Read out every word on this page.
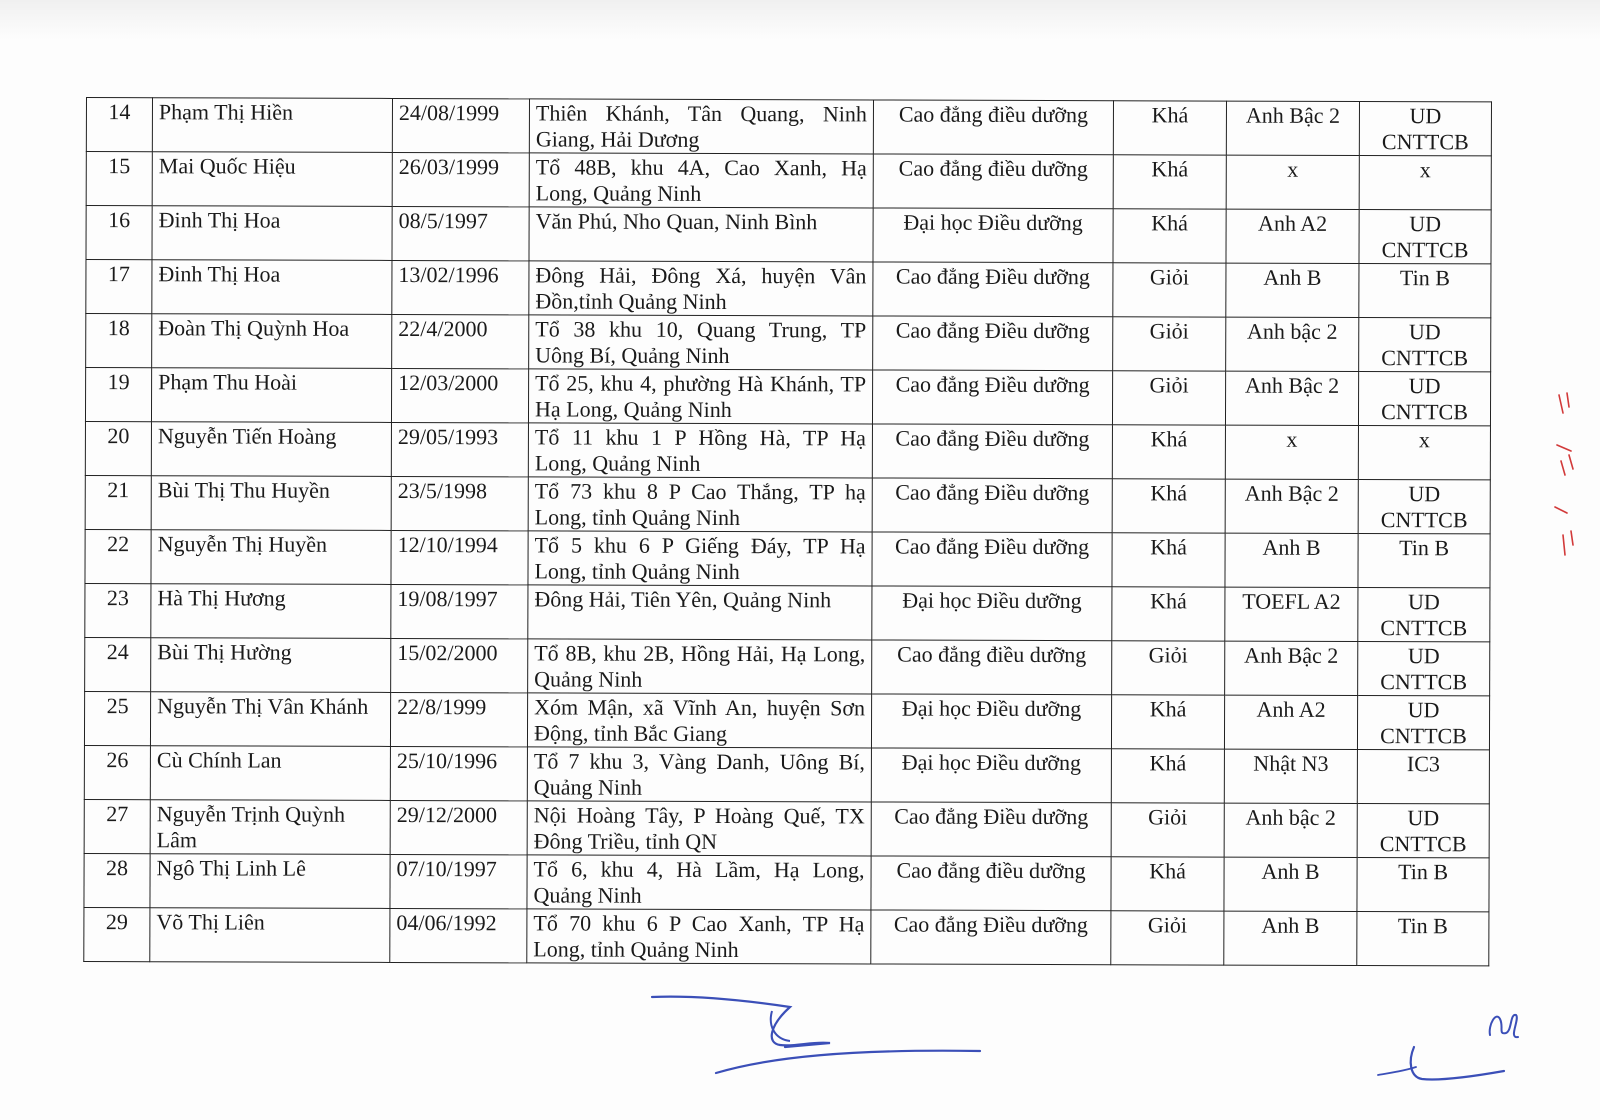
14	Phạm Thị Hiền	24/08/1999	Thiên Khánh, Tân Quang, Ninh Giang, Hải Dương	Cao đẳng điều dưỡng	Khá	Anh Bậc 2	UD CNTTCB
15	Mai Quốc Hiệu	26/03/1999	Tổ 48B, khu 4A, Cao Xanh, Hạ Long, Quảng Ninh	Cao đẳng điều dưỡng	Khá	x	x
16	Đinh Thị Hoa	08/5/1997	Văn Phú, Nho Quan, Ninh Bình	Đại học Điều dưỡng	Khá	Anh A2	UD CNTTCB
17	Đinh Thị Hoa	13/02/1996	Đông Hải, Đông Xá, huyện Vân Đồn,tỉnh Quảng Ninh	Cao đẳng Điều dưỡng	Giỏi	Anh B	Tin B
18	Đoàn Thị Quỳnh Hoa	22/4/2000	Tổ 38 khu 10, Quang Trung, TP Uông Bí, Quảng Ninh	Cao đẳng Điều dưỡng	Giỏi	Anh bậc 2	UD CNTTCB
19	Phạm Thu Hoài	12/03/2000	Tổ 25, khu 4, phường Hà Khánh, TP Hạ Long, Quảng Ninh	Cao đẳng Điều dưỡng	Giỏi	Anh Bậc 2	UD CNTTCB
20	Nguyễn Tiến Hoàng	29/05/1993	Tổ 11 khu 1 P Hồng Hà, TP Hạ Long, Quảng Ninh	Cao đẳng Điều dưỡng	Khá	x	x
21	Bùi Thị Thu Huyền	23/5/1998	Tổ 73 khu 8 P Cao Thắng, TP hạ Long, tỉnh Quảng Ninh	Cao đẳng Điều dưỡng	Khá	Anh Bậc 2	UD CNTTCB
22	Nguyễn Thị Huyền	12/10/1994	Tổ 5 khu 6 P Giếng Đáy, TP Hạ Long, tỉnh Quảng Ninh	Cao đẳng Điều dưỡng	Khá	Anh B	Tin B
23	Hà Thị Hương	19/08/1997	Đông Hải, Tiên Yên, Quảng Ninh	Đại học Điều dưỡng	Khá	TOEFL A2	UD CNTTCB
24	Bùi Thị Hường	15/02/2000	Tổ 8B, khu 2B, Hồng Hải, Hạ Long, Quảng Ninh	Cao đẳng điều dưỡng	Giỏi	Anh Bậc 2	UD CNTTCB
25	Nguyễn Thị Vân Khánh	22/8/1999	Xóm Mận, xã Vĩnh An, huyện Sơn Động, tỉnh Bắc Giang	Đại học Điều dưỡng	Khá	Anh A2	UD CNTTCB
26	Cù Chính Lan	25/10/1996	Tổ 7 khu 3, Vàng Danh, Uông Bí, Quảng Ninh	Đại học Điều dưỡng	Khá	Nhật N3	IC3
27	Nguyễn Trịnh Quỳnh Lâm	29/12/2000	Nội Hoàng Tây, P Hoàng Quế, TX Đông Triều, tỉnh QN	Cao đẳng Điều dưỡng	Giỏi	Anh bậc 2	UD CNTTCB
28	Ngô Thị Linh Lê	07/10/1997	Tổ 6, khu 4, Hà Lầm, Hạ Long, Quảng Ninh	Cao đẳng điều dưỡng	Khá	Anh B	Tin B
29	Võ Thị Liên	04/06/1992	Tổ 70 khu 6 P Cao Xanh, TP Hạ Long, tỉnh Quảng Ninh	Cao đẳng Điều dưỡng	Giỏi	Anh B	Tin B
